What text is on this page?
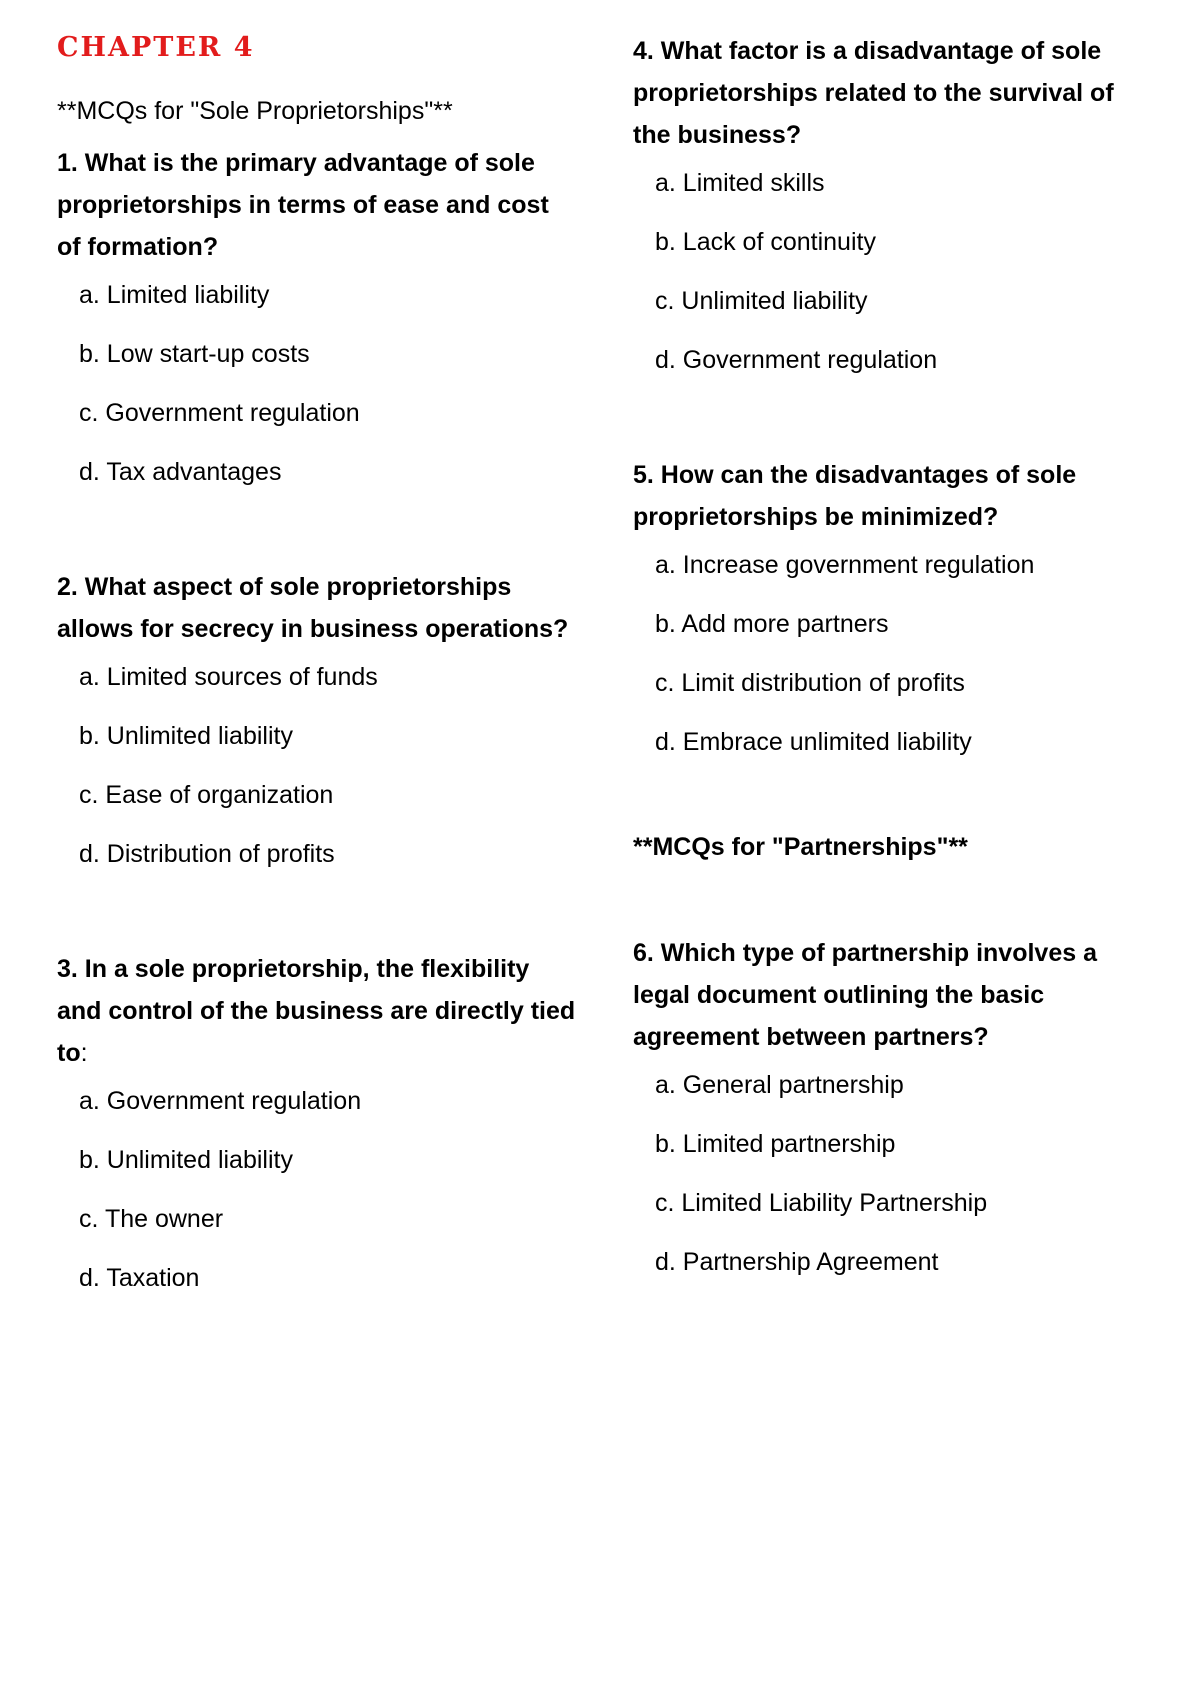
CHAPTER 4
**MCQs for "Sole Proprietorships"**
1. What is the primary advantage of sole proprietorships in terms of ease and cost of formation?
a. Limited liability
b. Low start-up costs
c. Government regulation
d. Tax advantages
2. What aspect of sole proprietorships allows for secrecy in business operations?
a. Limited sources of funds
b. Unlimited liability
c. Ease of organization
d. Distribution of profits
3. In a sole proprietorship, the flexibility and control of the business are directly tied to:
a. Government regulation
b. Unlimited liability
c. The owner
d. Taxation
4. What factor is a disadvantage of sole proprietorships related to the survival of the business?
a. Limited skills
b. Lack of continuity
c. Unlimited liability
d. Government regulation
5. How can the disadvantages of sole proprietorships be minimized?
a. Increase government regulation
b. Add more partners
c. Limit distribution of profits
d. Embrace unlimited liability
**MCQs for "Partnerships"**
6. Which type of partnership involves a legal document outlining the basic agreement between partners?
a. General partnership
b. Limited partnership
c. Limited Liability Partnership
d. Partnership Agreement
